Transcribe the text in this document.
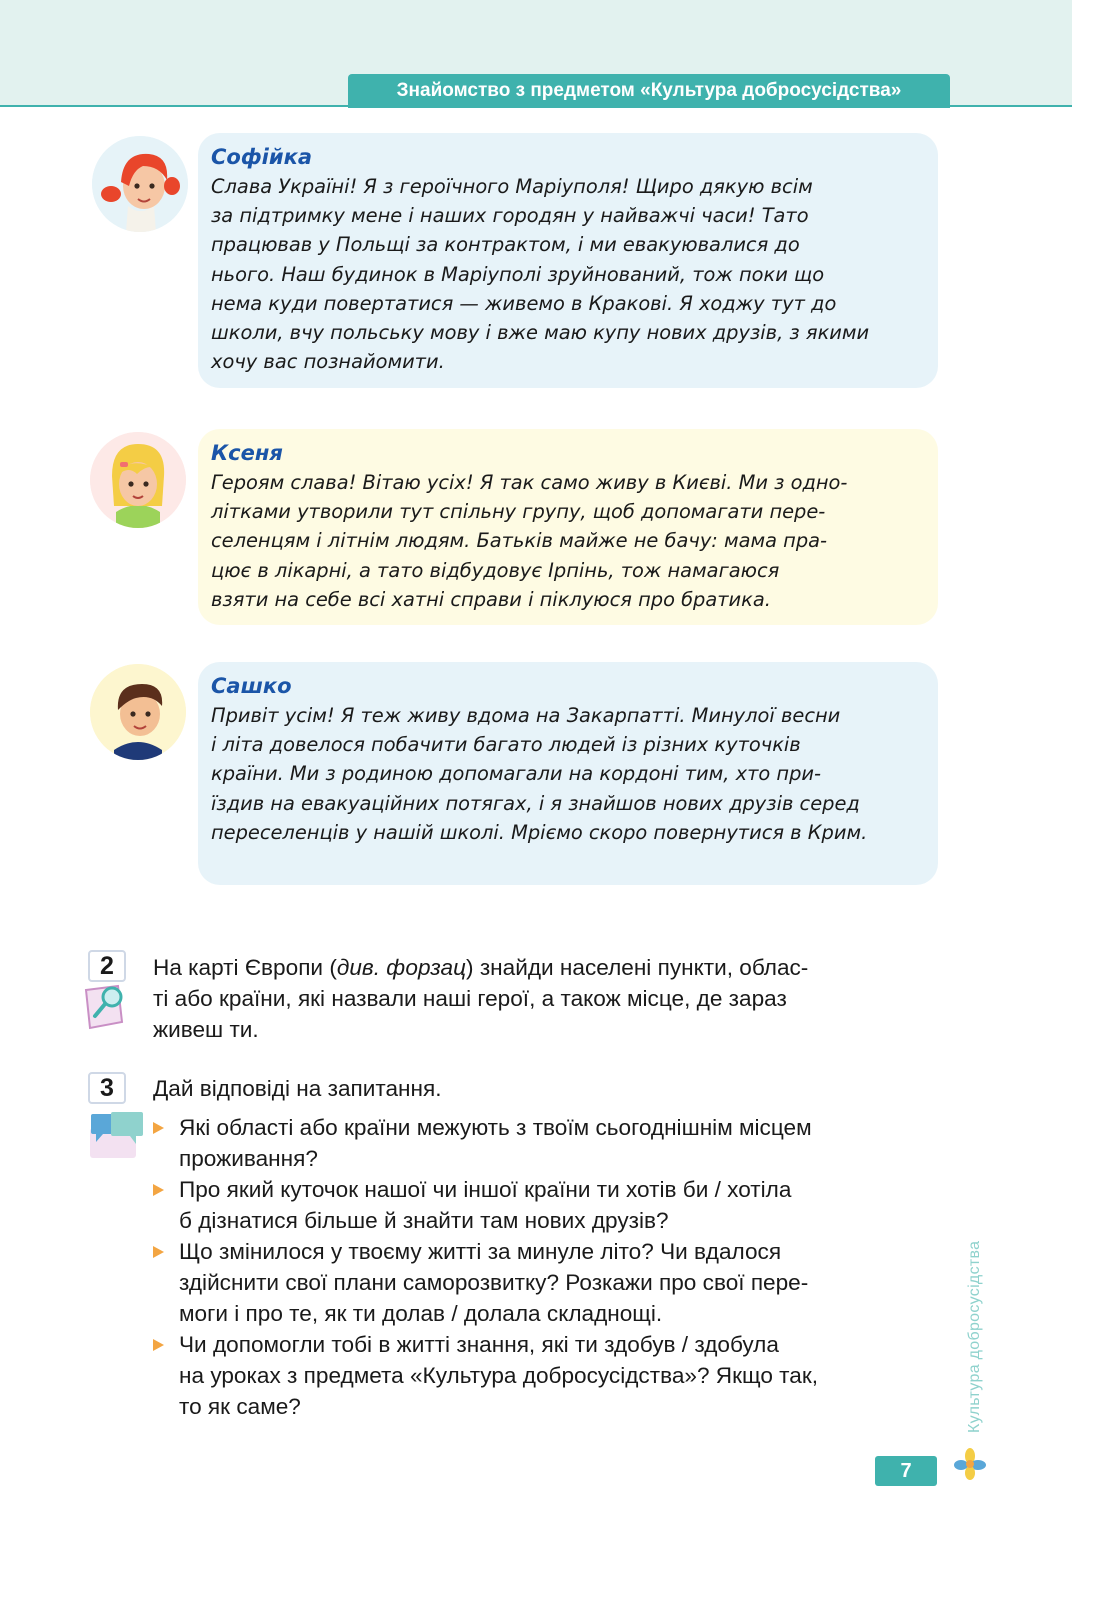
Знайомство з предметом «Культура добросусідства»
Софійка
Слава Україні! Я з героїчного Маріуполя! Щиро дякую всім
за підтримку мене і наших городян у найважчі часи! Тато
працював у Польщі за контрактом, і ми евакуювалися до
нього. Наш будинок в Маріуполі зруйнований, тож поки що
нема куди повертатися — живемо в Кракові. Я ходжу тут до
школи, вчу польську мову і вже маю купу нових друзів, з якими
хочу вас познайомити.
Ксеня
Героям слава! Вітаю усіх! Я так само живу в Києві. Ми з одно-
літками утворили тут спільну групу, щоб допомагати пере-
селенцям і літнім людям. Батьків майже не бачу: мама пра-
цює в лікарні, а тато відбудовує Ірпінь, тож намагаюся
взяти на себе всі хатні справи і піклуюся про братика.
Сашко
Привіт усім! Я теж живу вдома на Закарпатті. Минулої весни
і літа довелося побачити багато людей із різних куточків
країни. Ми з родиною допомагали на кордоні тим, хто при-
їздив на евакуаційних потягах, і я знайшов нових друзів серед
переселенців у нашій школі. Мріємо скоро повернутися в Крим.
2	На карті Європи (див. форзац) знайди населені пункти, облас-
ті або країни, які назвали наші герої, а також місце, де зараз
живеш ти.
3	Дай відповіді на запитання.
Які області або країни межують з твоїм сьогоднішнім місцем
проживання?
Про який куточок нашої чи іншої країни ти хотів би / хотіла
б дізнатися більше й знайти там нових друзів?
Що змінилося у твоєму житті за минуле літо? Чи вдалося
здійснити свої плани саморозвитку? Розкажи про свої пере-
моги і про те, як ти долав / долала складнощі.
Чи допомогли тобі в житті знання, які ти здобув / здобула
на уроках з предмета «Культура добросусідства»? Якщо так,
то як саме?	Культура добросусідства
7
